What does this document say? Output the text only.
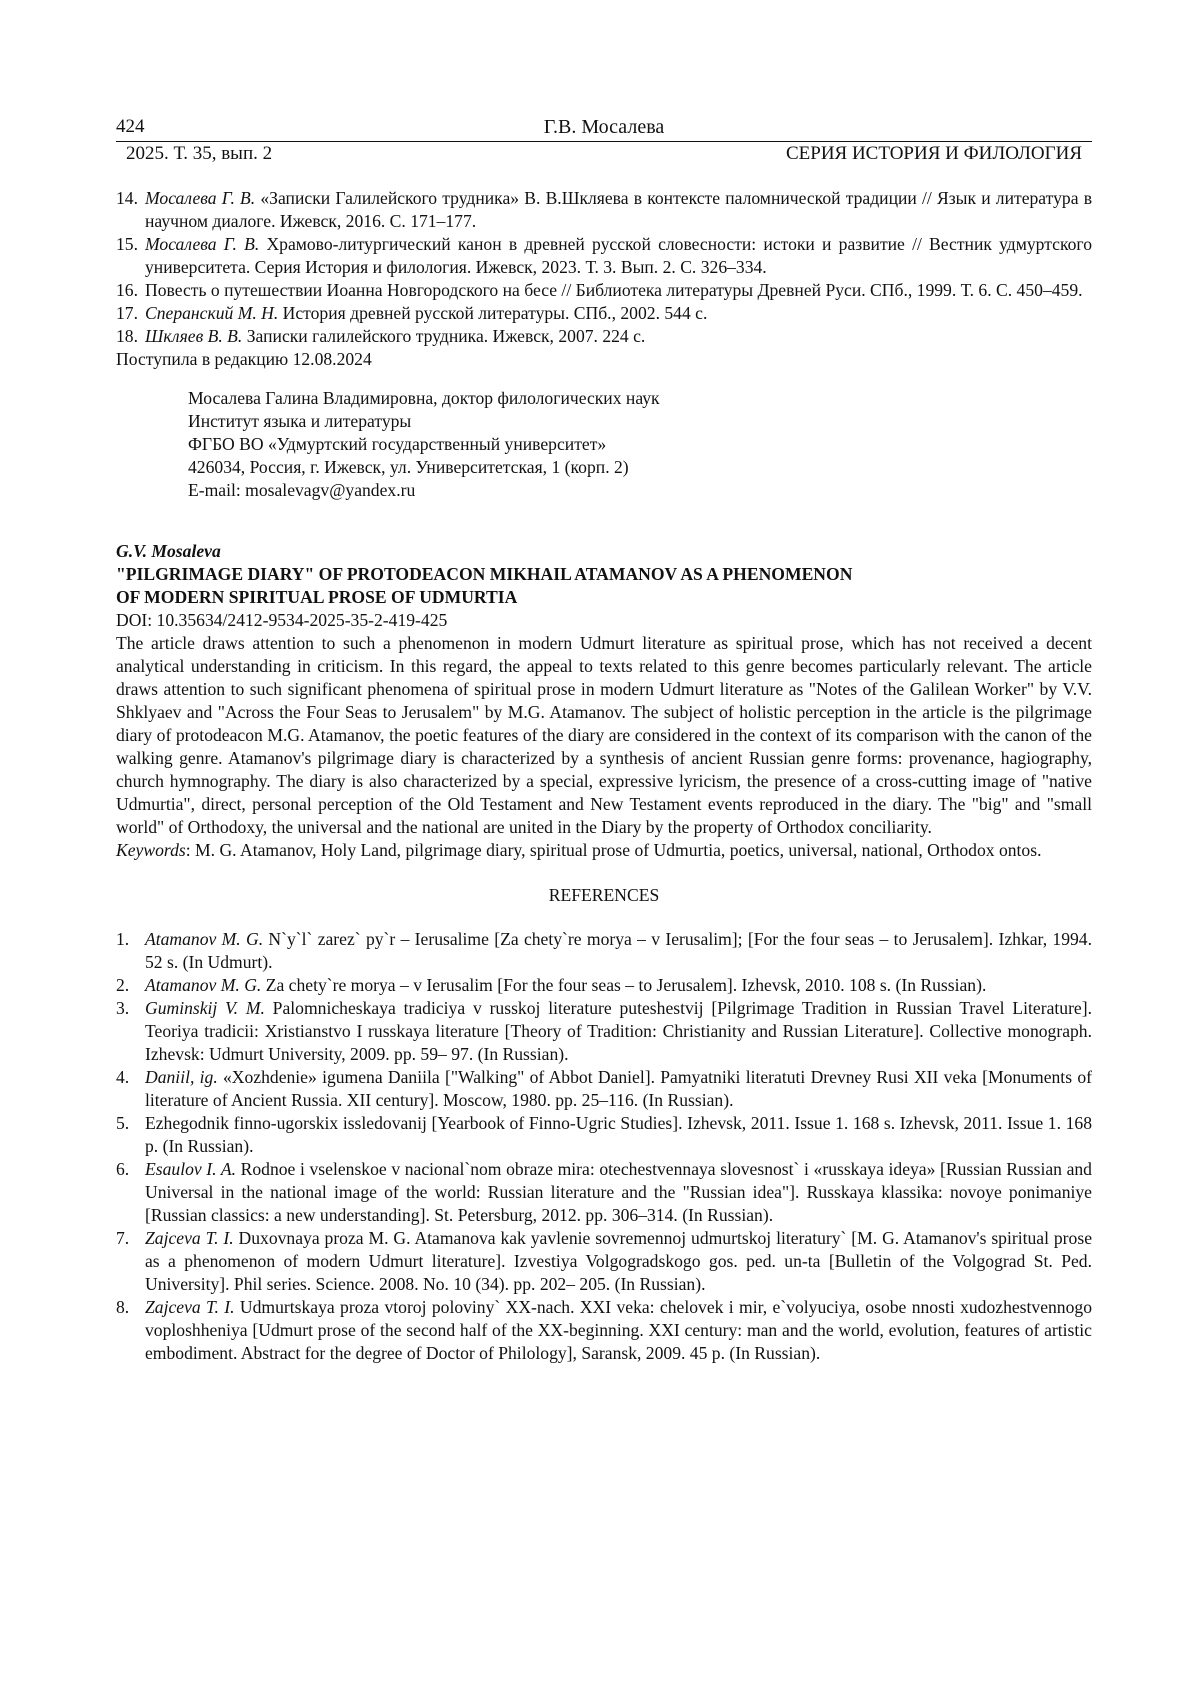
424	Г.В. Мосалева
2025. Т. 35, вып. 2	СЕРИЯ ИСТОРИЯ И ФИЛОЛОГИЯ
14. Мосалева Г. В. «Записки Галилейского трудника» В. В.Шкляева в контексте паломнической традиции // Язык и литература в научном диалоге. Ижевск, 2016. С. 171–177.
15. Мосалева Г. В. Храмово-литургический канон в древней русской словесности: истоки и развитие // Вестник удмуртского университета. Серия История и филология. Ижевск, 2023. Т. 3. Вып. 2. С. 326–334.
16. Повесть о путешествии Иоанна Новгородского на бесе // Библиотека литературы Древней Руси. СПб., 1999. Т. 6. С. 450–459.
17. Сперанский М. Н. История древней русской литературы. СПб., 2002. 544 с.
18. Шкляев В. В. Записки галилейского трудника. Ижевск, 2007. 224 с.

Поступила в редакцию 12.08.2024

Мосалева Галина Владимировна, доктор филологических наук
Институт языка и литературы
ФГБО ВО «Удмуртский государственный университет»
426034, Россия, г. Ижевск, ул. Университетская, 1 (корп. 2)
E-mail: mosalevagv@yandex.ru
G.V. Mosaleva
"PILGRIMAGE DIARY" OF PROTODEACON MIKHAIL ATAMANOV AS A PHENOMENON
OF MODERN SPIRITUAL PROSE OF UDMURTIA

DOI: 10.35634/2412-9534-2025-35-2-419-425

The article draws attention to such a phenomenon in modern Udmurt literature as spiritual prose, which has not received a decent analytical understanding in criticism. In this regard, the appeal to texts related to this genre becomes particularly relevant. The article draws attention to such significant phenomena of spiritual prose in modern Udmurt literature as "Notes of the Galilean Worker" by V.V. Shklyaev and "Across the Four Seas to Jerusalem" by M.G. Atamanov. The subject of holistic perception in the article is the pilgrimage diary of protodeacon M.G. Atamanov, the poetic features of the diary are considered in the context of its comparison with the canon of the walking genre. Atamanov's pilgrimage diary is characterized by a synthesis of ancient Russian genre forms: provenance, hagiography, church hymnography. The diary is also characterized by a special, expressive lyricism, the presence of a cross-cutting image of "native Udmurtia", direct, personal perception of the Old Testament and New Testament events reproduced in the diary. The "big" and "small world" of Orthodoxy, the universal and the national are united in the Diary by the property of Orthodox conciliarity.

Keywords: M. G. Atamanov, Holy Land, pilgrimage diary, spiritual prose of Udmurtia, poetics, universal, national, Orthodox ontos.

REFERENCES
1. Atamanov M. G. N`y`l` zarez` py`r – Ierusalime [Za chety`re morya – v Ierusalim]; [For the four seas – to Jerusalem]. Izhkar, 1994. 52 s. (In Udmurt).
2. Atamanov M. G. Za chety`re morya – v Ierusalim [For the four seas – to Jerusalem]. Izhevsk, 2010. 108 s. (In Russian).
3. Guminskij V. M. Palomnicheskaya tradiciya v russkoj literature puteshestvij [Pilgrimage Tradition in Russian Travel Literature]. Teoriya tradicii: Xristianstvo I russkaya literature [Theory of Tradition: Christianity and Russian Literature]. Collective monograph. Izhevsk: Udmurt University, 2009. pp. 59– 97. (In Russian).
4. Daniil, ig. «Xozhdenie» igumena Daniila ["Walking" of Abbot Daniel]. Pamyatniki literatuti Drevney Rusi XII veka [Monuments of literature of Ancient Russia. XII century]. Moscow, 1980. pp. 25–116. (In Russian).
5. Ezhegodnik finno-ugorskix issledovanij [Yearbook of Finno-Ugric Studies]. Izhevsk, 2011. Issue 1. 168 s. Izhevsk, 2011. Issue 1. 168 p. (In Russian).
6. Esaulov I. A. Rodnoe i vselenskoe v nacional`nom obraze mira: otechestvennaya slovesnost` i «russkaya ideya» [Russian Russian and Universal in the national image of the world: Russian literature and the "Russian idea"]. Russkaya klassika: novoye ponimaniye [Russian classics: a new understanding]. St. Petersburg, 2012. pp. 306–314. (In Russian).
7. Zajceva T. I. Duxovnaya proza M. G. Atamanova kak yavlenie sovremennoj udmurtskoj literatury` [M. G. Atamanov's spiritual prose as a phenomenon of modern Udmurt literature]. Izvestiya Volgogradskogo gos. ped. un-ta [Bulletin of the Volgograd St. Ped. University]. Phil series. Science. 2008. No. 10 (34). pp. 202– 205. (In Russian).
8. Zajceva T. I. Udmurtskaya proza vtoroj poloviny` XX-nach. XXI veka: chelovek i mir, e`volyuciya, osobe nnosti xudozhestvennogo voploshheniya [Udmurt prose of the second half of the XX-beginning. XXI century: man and the world, evolution, features of artistic embodiment. Abstract for the degree of Doctor of Philology], Saransk, 2009. 45 p. (In Russian).
